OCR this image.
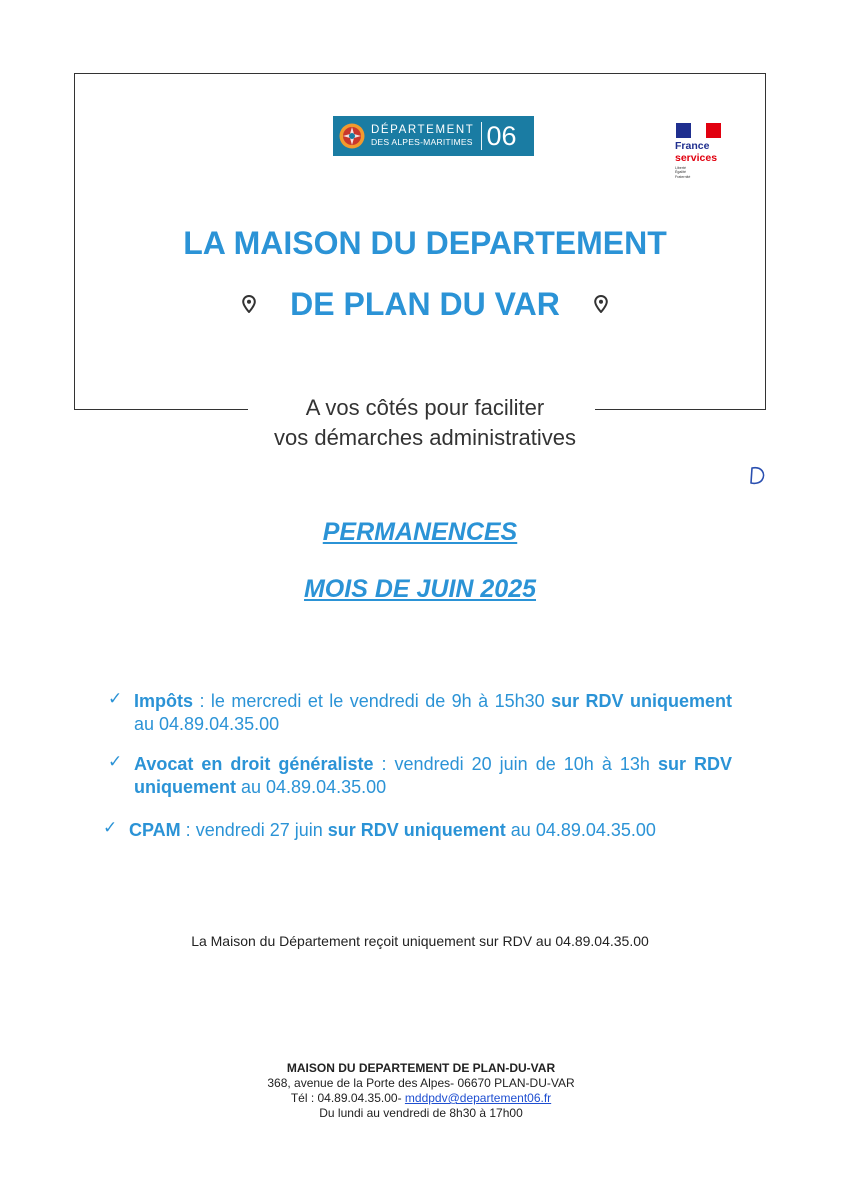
DÉPARTEMENT
DES ALPES-MARITIMES 06	France
services
Liberté
Égalité
Fraternité
LA MAISON DU DEPARTEMENT
DE PLAN DU VAR
A vos côtés pour faciliter
vos démarches administratives
PERMANENCES
MOIS DE JUIN 2025
✓ Impôts : le mercredi et le vendredi de 9h à 15h30 sur RDV uniquement au 04.89.04.35.00
✓ Avocat en droit généraliste : vendredi 20 juin de 10h à 13h sur RDV uniquement au 04.89.04.35.00
✓ CPAM : vendredi 27 juin sur RDV uniquement au 04.89.04.35.00
La Maison du Département reçoit uniquement sur RDV au 04.89.04.35.00
MAISON DU DEPARTEMENT DE PLAN-DU-VAR
368, avenue de la Porte des Alpes- 06670 PLAN-DU-VAR
Tél : 04.89.04.35.00- mddpdv@departement06.fr
Du lundi au vendredi de 8h30 à 17h00
